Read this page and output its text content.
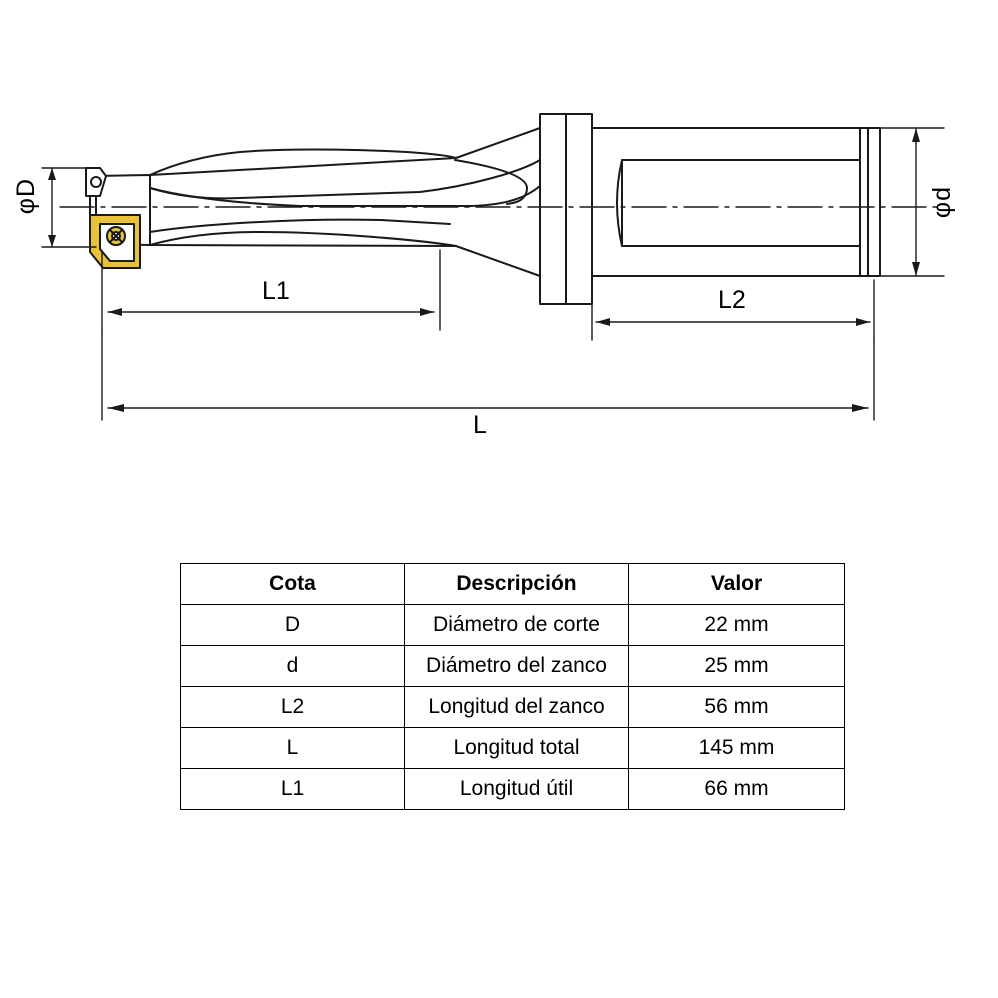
φD	φd
L1	L2
L
Cota	Descripción	Valor
D	Diámetro de corte	22 mm
d	Diámetro del zanco	25 mm
L2	Longitud del zanco	56 mm
L	Longitud total	145 mm
L1	Longitud útil	66 mm
